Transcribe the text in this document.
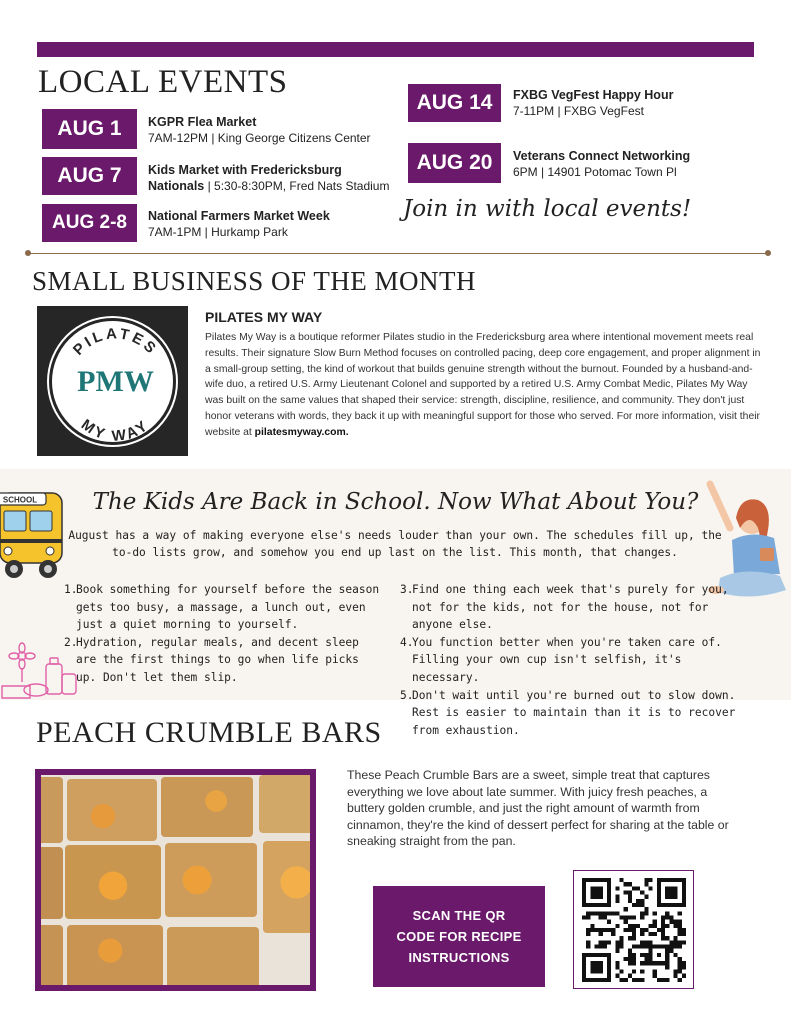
LOCAL EVENTS
AUG 1	KGPR Flea Market
7AM-12PM | King George Citizens Center
AUG 7	Kids Market with Fredericksburg
Nationals | 5:30-8:30PM, Fred Nats Stadium
AUG 2-8	National Farmers Market Week
7AM-1PM | Hurkamp Park
AUG 14	FXBG VegFest Happy Hour
7-11PM | FXBG VegFest
AUG 20	Veterans Connect Networking
6PM | 14901 Potomac Town Pl
Join in with local events!
SMALL BUSINESS OF THE MONTH
PILATES
MY WAY
PMW
PILATES MY WAY

Pilates My Way is a boutique reformer Pilates studio in the Fredericksburg area where intentional movement meets real results. Their signature Slow Burn Method focuses on controlled pacing, deep core engagement, and proper alignment in a small-group setting, the kind of workout that builds genuine strength without the burnout. Founded by a husband-and-wife duo, a retired U.S. Army Lieutenant Colonel and supported by a retired U.S. Army Combat Medic, Pilates My Way was built on the same values that shaped their service: strength, discipline, resilience, and community. They don't just honor veterans with words, they back it up with meaningful support for those who served. For more information, visit their website at pilatesmyway.com.

SCHOOL	The Kids Are Back in School. Now What About You?

August has a way of making everyone else's needs louder than your own. The schedules fill up, the to-do lists grow, and somehow you end up last on the list. This month, that changes.

1.
Book something for yourself before the season gets too busy, a massage, a lunch out, even just a quiet morning to yourself.
2.
Hydration, regular meals, and decent sleep are the first things to go when life picks up. Don't let them slip.
3.
Find one thing each week that's purely for you, not for the kids, not for the house, not for anyone else.
4.
You function better when you're taken care of. Filling your own cup isn't selfish, it's necessary.
5.
Don't wait until you're burned out to slow down. Rest is easier to maintain than it is to recover from exhaustion.
PEACH CRUMBLE BARS

These Peach Crumble Bars are a sweet, simple treat that captures everything we love about late summer. With juicy fresh peaches, a buttery golden crumble, and just the right amount of warmth from cinnamon, they're the kind of dessert perfect for sharing at the table or sneaking straight from the pan.

SCAN THE QR CODE FOR RECIPE INSTRUCTIONS
